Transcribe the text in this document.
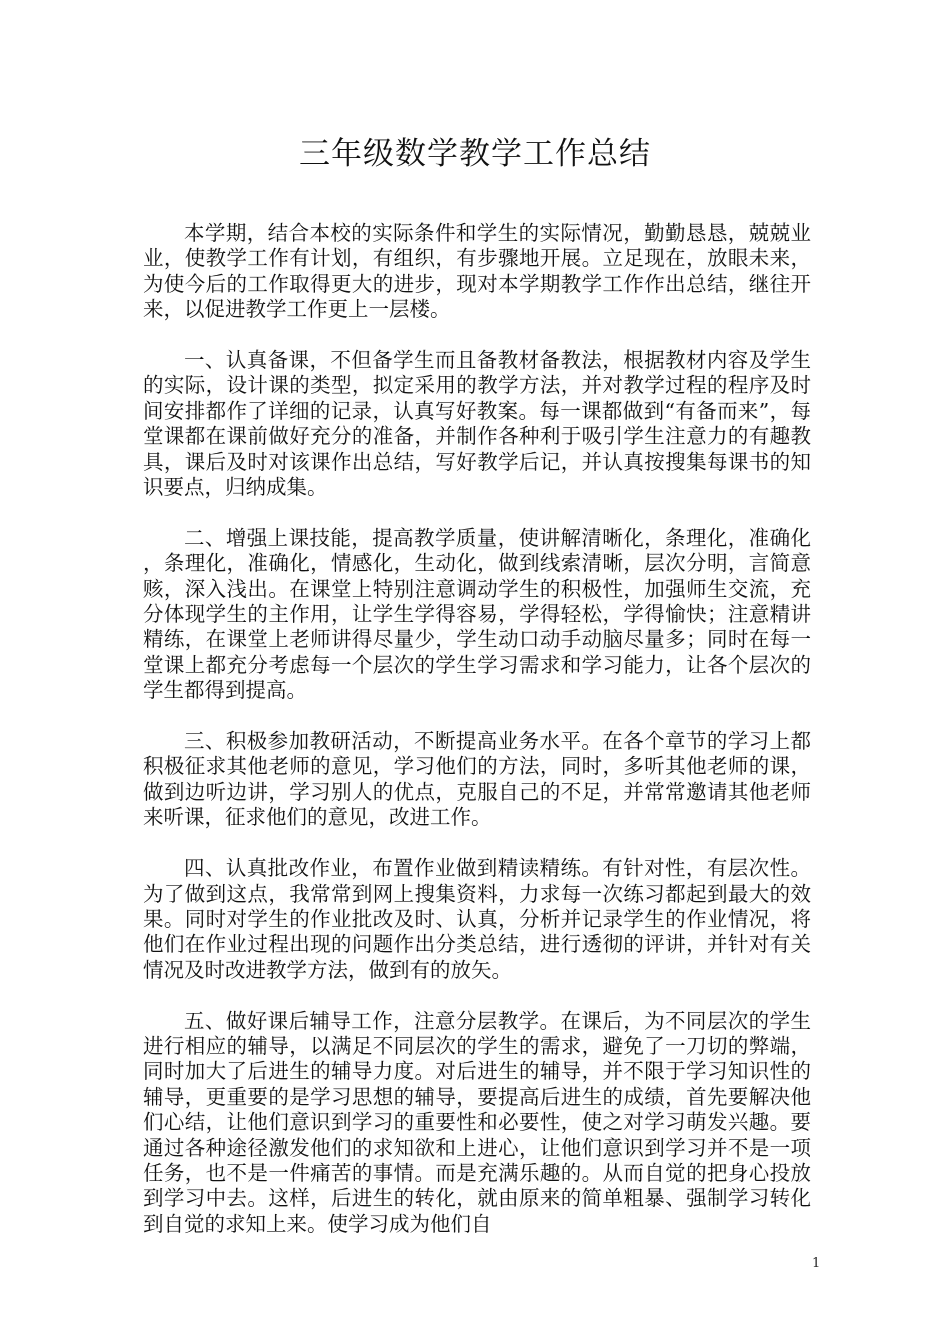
三年级数学教学工作总结

本学期，结合本校的实际条件和学生的实际情况，勤勤恳恳，兢兢业业，使教学工作有计划，有组织，有步骤地开展。立足现在，放眼未来，为使今后的工作取得更大的进步，现对本学期教学工作作出总结，继往开来，以促进教学工作更上一层楼。

一、认真备课，不但备学生而且备教材备教法，根据教材内容及学生的实际，设计课的类型，拟定采用的教学方法，并对教学过程的程序及时间安排都作了详细的记录，认真写好教案。每一课都做到“有备而来”，每堂课都在课前做好充分的准备，并制作各种利于吸引学生注意力的有趣教具，课后及时对该课作出总结，写好教学后记，并认真按搜集每课书的知识要点，归纳成集。

二、增强上课技能，提高教学质量，使讲解清晰化，条理化，准确化，条理化，准确化，情感化，生动化，做到线索清晰，层次分明，言简意赅，深入浅出。在课堂上特别注意调动学生的积极性，加强师生交流，充分体现学生的主作用，让学生学得容易，学得轻松，学得愉快；注意精讲精练，在课堂上老师讲得尽量少，学生动口动手动脑尽量多；同时在每一堂课上都充分考虑每一个层次的学生学习需求和学习能力，让各个层次的学生都得到提高。

三、积极参加教研活动，不断提高业务水平。在各个章节的学习上都积极征求其他老师的意见，学习他们的方法，同时，多听其他老师的课，做到边听边讲，学习别人的优点，克服自己的不足，并常常邀请其他老师来听课，征求他们的意见，改进工作。

四、认真批改作业，布置作业做到精读精练。有针对性，有层次性。为了做到这点，我常常到网上搜集资料，力求每一次练习都起到最大的效果。同时对学生的作业批改及时、认真，分析并记录学生的作业情况，将他们在作业过程出现的问题作出分类总结，进行透彻的评讲，并针对有关情况及时改进教学方法，做到有的放矢。

五、做好课后辅导工作，注意分层教学。在课后，为不同层次的学生进行相应的辅导，以满足不同层次的学生的需求，避免了一刀切的弊端，同时加大了后进生的辅导力度。对后进生的辅导，并不限于学习知识性的辅导，更重要的是学习思想的辅导，要提高后进生的成绩，首先要解决他们心结，让他们意识到学习的重要性和必要性，使之对学习萌发兴趣。要通过各种途径激发他们的求知欲和上进心，让他们意识到学习并不是一项任务，也不是一件痛苦的事情。而是充满乐趣的。从而自觉的把身心投放到学习中去。这样，后进生的转化，就由原来的简单粗暴、强制学习转化到自觉的求知上来。使学习成为他们自

1
